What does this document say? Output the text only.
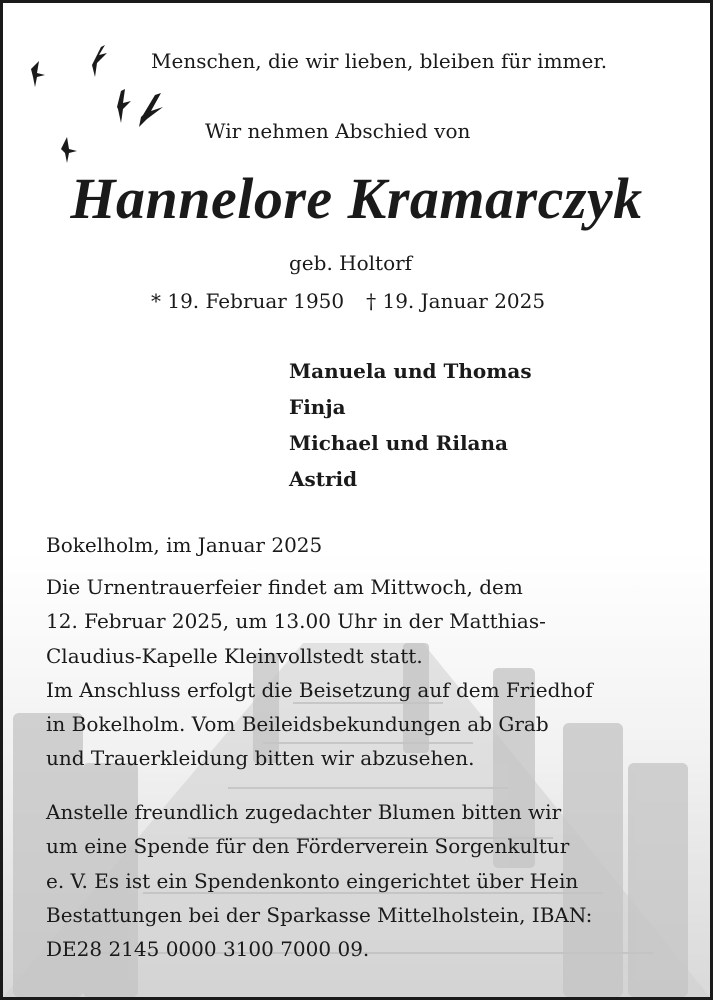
Menschen, die wir lieben, bleiben für immer.

Wir nehmen Abschied von

Hannelore Kramarczyk

geb. Holtorf

* 19. Februar 1950 † 19. Januar 2025

Manuela und Thomas
Finja
Michael und Rilana
Astrid

Bokelholm, im Januar 2025

Die Urnentrauerfeier findet am Mittwoch, dem
12. Februar 2025, um 13.00 Uhr in der Matthias-
Claudius-Kapelle Kleinvollstedt statt.
Im Anschluss erfolgt die Beisetzung auf dem Friedhof
in Bokelholm. Vom Beileidsbekundungen ab Grab
und Trauerkleidung bitten wir abzusehen.

Anstelle freundlich zugedachter Blumen bitten wir
um eine Spende für den Förderverein Sorgenkultur
e. V. Es ist ein Spendenkonto eingerichtet über Hein
Bestattungen bei der Sparkasse Mittelholstein, IBAN:
DE28 2145 0000 3100 7000 09.
